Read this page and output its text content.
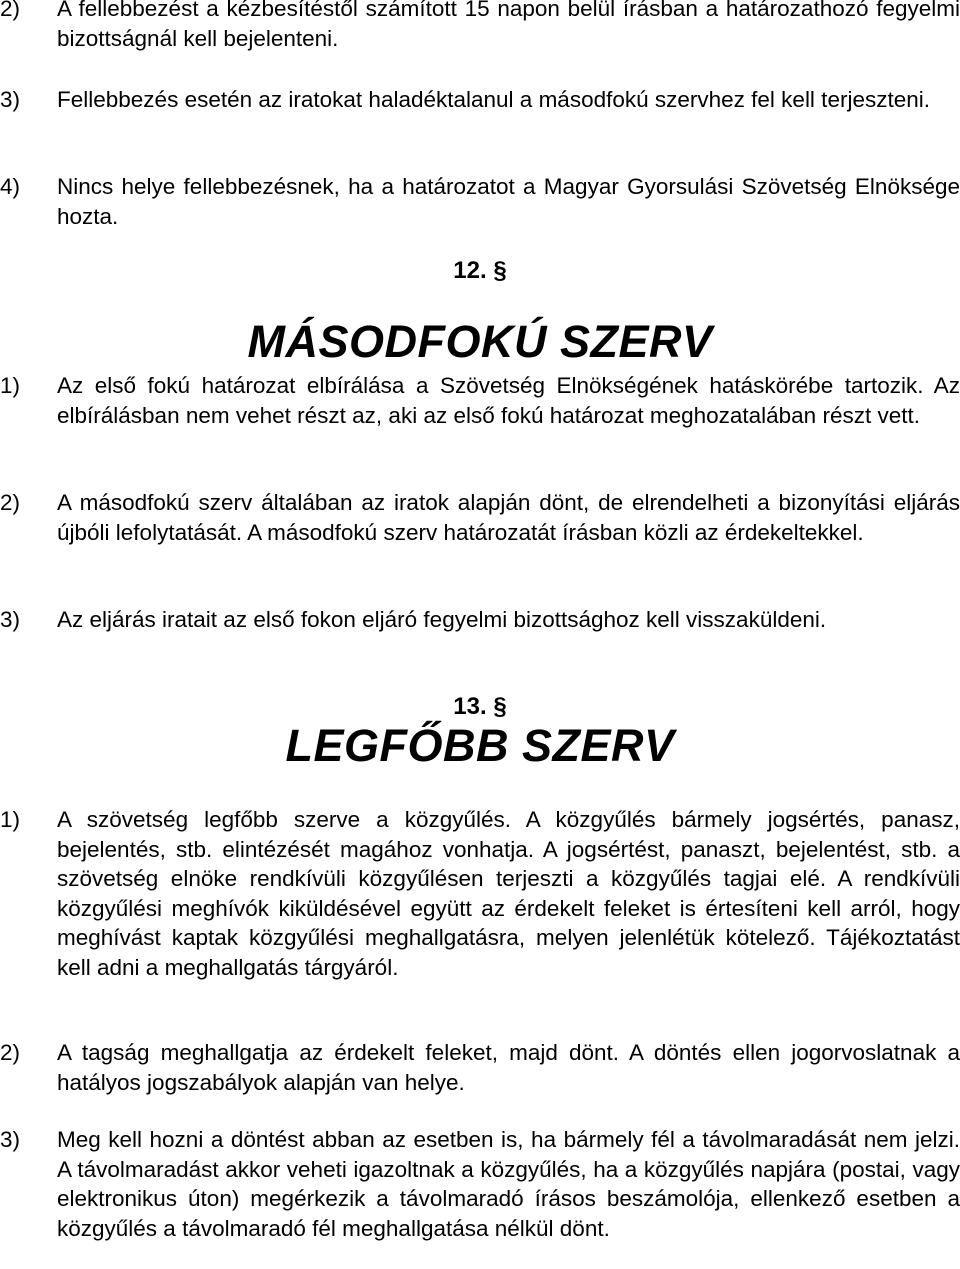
2) A fellebbezést a kézbesítéstől számított 15 napon belül írásban a határozathozó fegyelmi bizottságnál kell bejelenteni.
3) Fellebbezés esetén az iratokat haladéktalanul a másodfokú szervhez fel kell terjeszteni.
4) Nincs helye fellebbezésnek, ha a határozatot a Magyar Gyorsulási Szövetség Elnöksége hozta.
12. §
MÁSODFOKÚ SZERV
1) Az első fokú határozat elbírálása a Szövetség Elnökségének hatáskörébe tartozik. Az elbírálásban nem vehet részt az, aki az első fokú határozat meghozatalában részt vett.
2) A másodfokú szerv általában az iratok alapján dönt, de elrendelheti a bizonyítási eljárás újbóli lefolytatását. A másodfokú szerv határozatát írásban közli az érdekeltekkel.
3) Az eljárás iratait az első fokon eljáró fegyelmi bizottsághoz kell visszaküldeni.
13. §
LEGFŐBB SZERV
1) A szövetség legfőbb szerve a közgyűlés. A közgyűlés bármely jogsértés, panasz, bejelentés, stb. elintézését magához vonhatja. A jogsértést, panaszt, bejelentést, stb. a szövetség elnöke rendkívüli közgyűlésen terjeszti a közgyűlés tagjai elé. A rendkívüli közgyűlési meghívók kiküldésével együtt az érdekelt feleket is értesíteni kell arról, hogy meghívást kaptak közgyűlési meghallgatásra, melyen jelenlétük kötelező. Tájékoztatást kell adni a meghallgatás tárgyáról.
2) A tagság meghallgatja az érdekelt feleket, majd dönt. A döntés ellen jogorvoslatnak a hatályos jogszabályok alapján van helye.
3) Meg kell hozni a döntést abban az esetben is, ha bármely fél a távolmaradását nem jelzi. A távolmaradást akkor veheti igazoltnak a közgyűlés, ha a közgyűlés napjára (postai, vagy elektronikus úton) megérkezik a távolmaradó írásos beszámolója, ellenkező esetben a közgyűlés a távolmaradó fél meghallgatása nélkül dönt.
